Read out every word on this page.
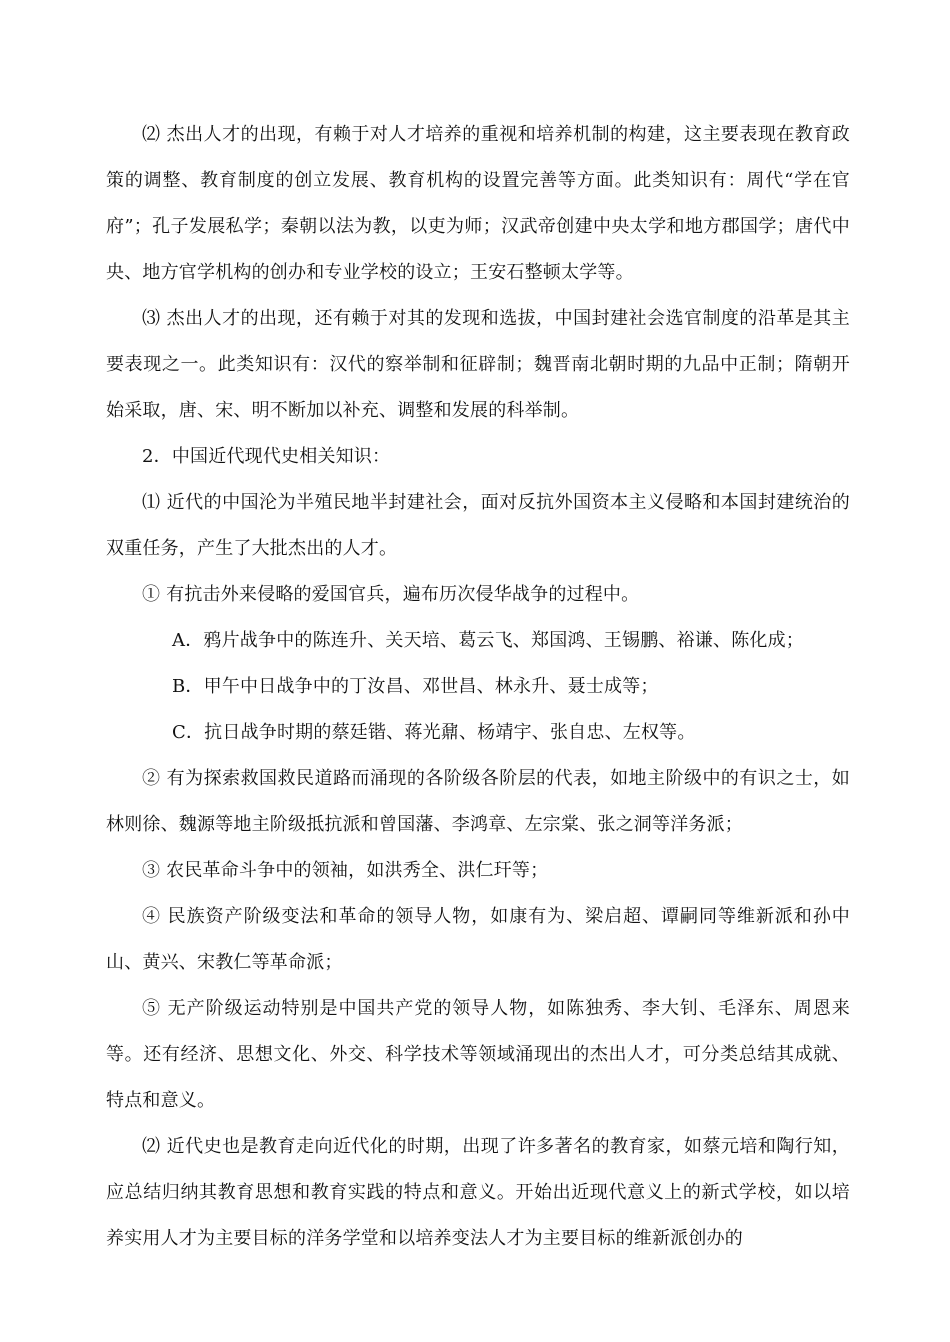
⑵ 杰出人才的出现，有赖于对人才培养的重视和培养机制的构建，这主要表现在教育政策的调整、教育制度的创立发展、教育机构的设置完善等方面。此类知识有：周代“学在官府”；孔子发展私学；秦朝以法为教，以吏为师；汉武帝创建中央太学和地方郡国学；唐代中央、地方官学机构的创办和专业学校的设立；王安石整顿太学等。

⑶ 杰出人才的出现，还有赖于对其的发现和选拔，中国封建社会选官制度的沿革是其主要表现之一。此类知识有：汉代的察举制和征辟制；魏晋南北朝时期的九品中正制；隋朝开始采取，唐、宋、明不断加以补充、调整和发展的科举制。

2．中国近代现代史相关知识：

⑴ 近代的中国沦为半殖民地半封建社会，面对反抗外国资本主义侵略和本国封建统治的双重任务，产生了大批杰出的人才。

① 有抗击外来侵略的爱国官兵，遍布历次侵华战争的过程中。

A．鸦片战争中的陈连升、关天培、葛云飞、郑国鸿、王锡鹏、裕谦、陈化成；

B．甲午中日战争中的丁汝昌、邓世昌、林永升、聂士成等；

C．抗日战争时期的蔡廷锴、蒋光鼐、杨靖宇、张自忠、左权等。

② 有为探索救国救民道路而涌现的各阶级各阶层的代表，如地主阶级中的有识之士，如林则徐、魏源等地主阶级抵抗派和曾国藩、李鸿章、左宗棠、张之洞等洋务派；

③ 农民革命斗争中的领袖，如洪秀全、洪仁玕等；

④ 民族资产阶级变法和革命的领导人物，如康有为、梁启超、谭嗣同等维新派和孙中山、黄兴、宋教仁等革命派；

⑤ 无产阶级运动特别是中国共产党的领导人物，如陈独秀、李大钊、毛泽东、周恩来等。还有经济、思想文化、外交、科学技术等领域涌现出的杰出人才，可分类总结其成就、特点和意义。

⑵ 近代史也是教育走向近代化的时期，出现了许多著名的教育家，如蔡元培和陶行知，应总结归纳其教育思想和教育实践的特点和意义。开始出近现代意义上的新式学校，如以培养实用人才为主要目标的洋务学堂和以培养变法人才为主要目标的维新派创办的
